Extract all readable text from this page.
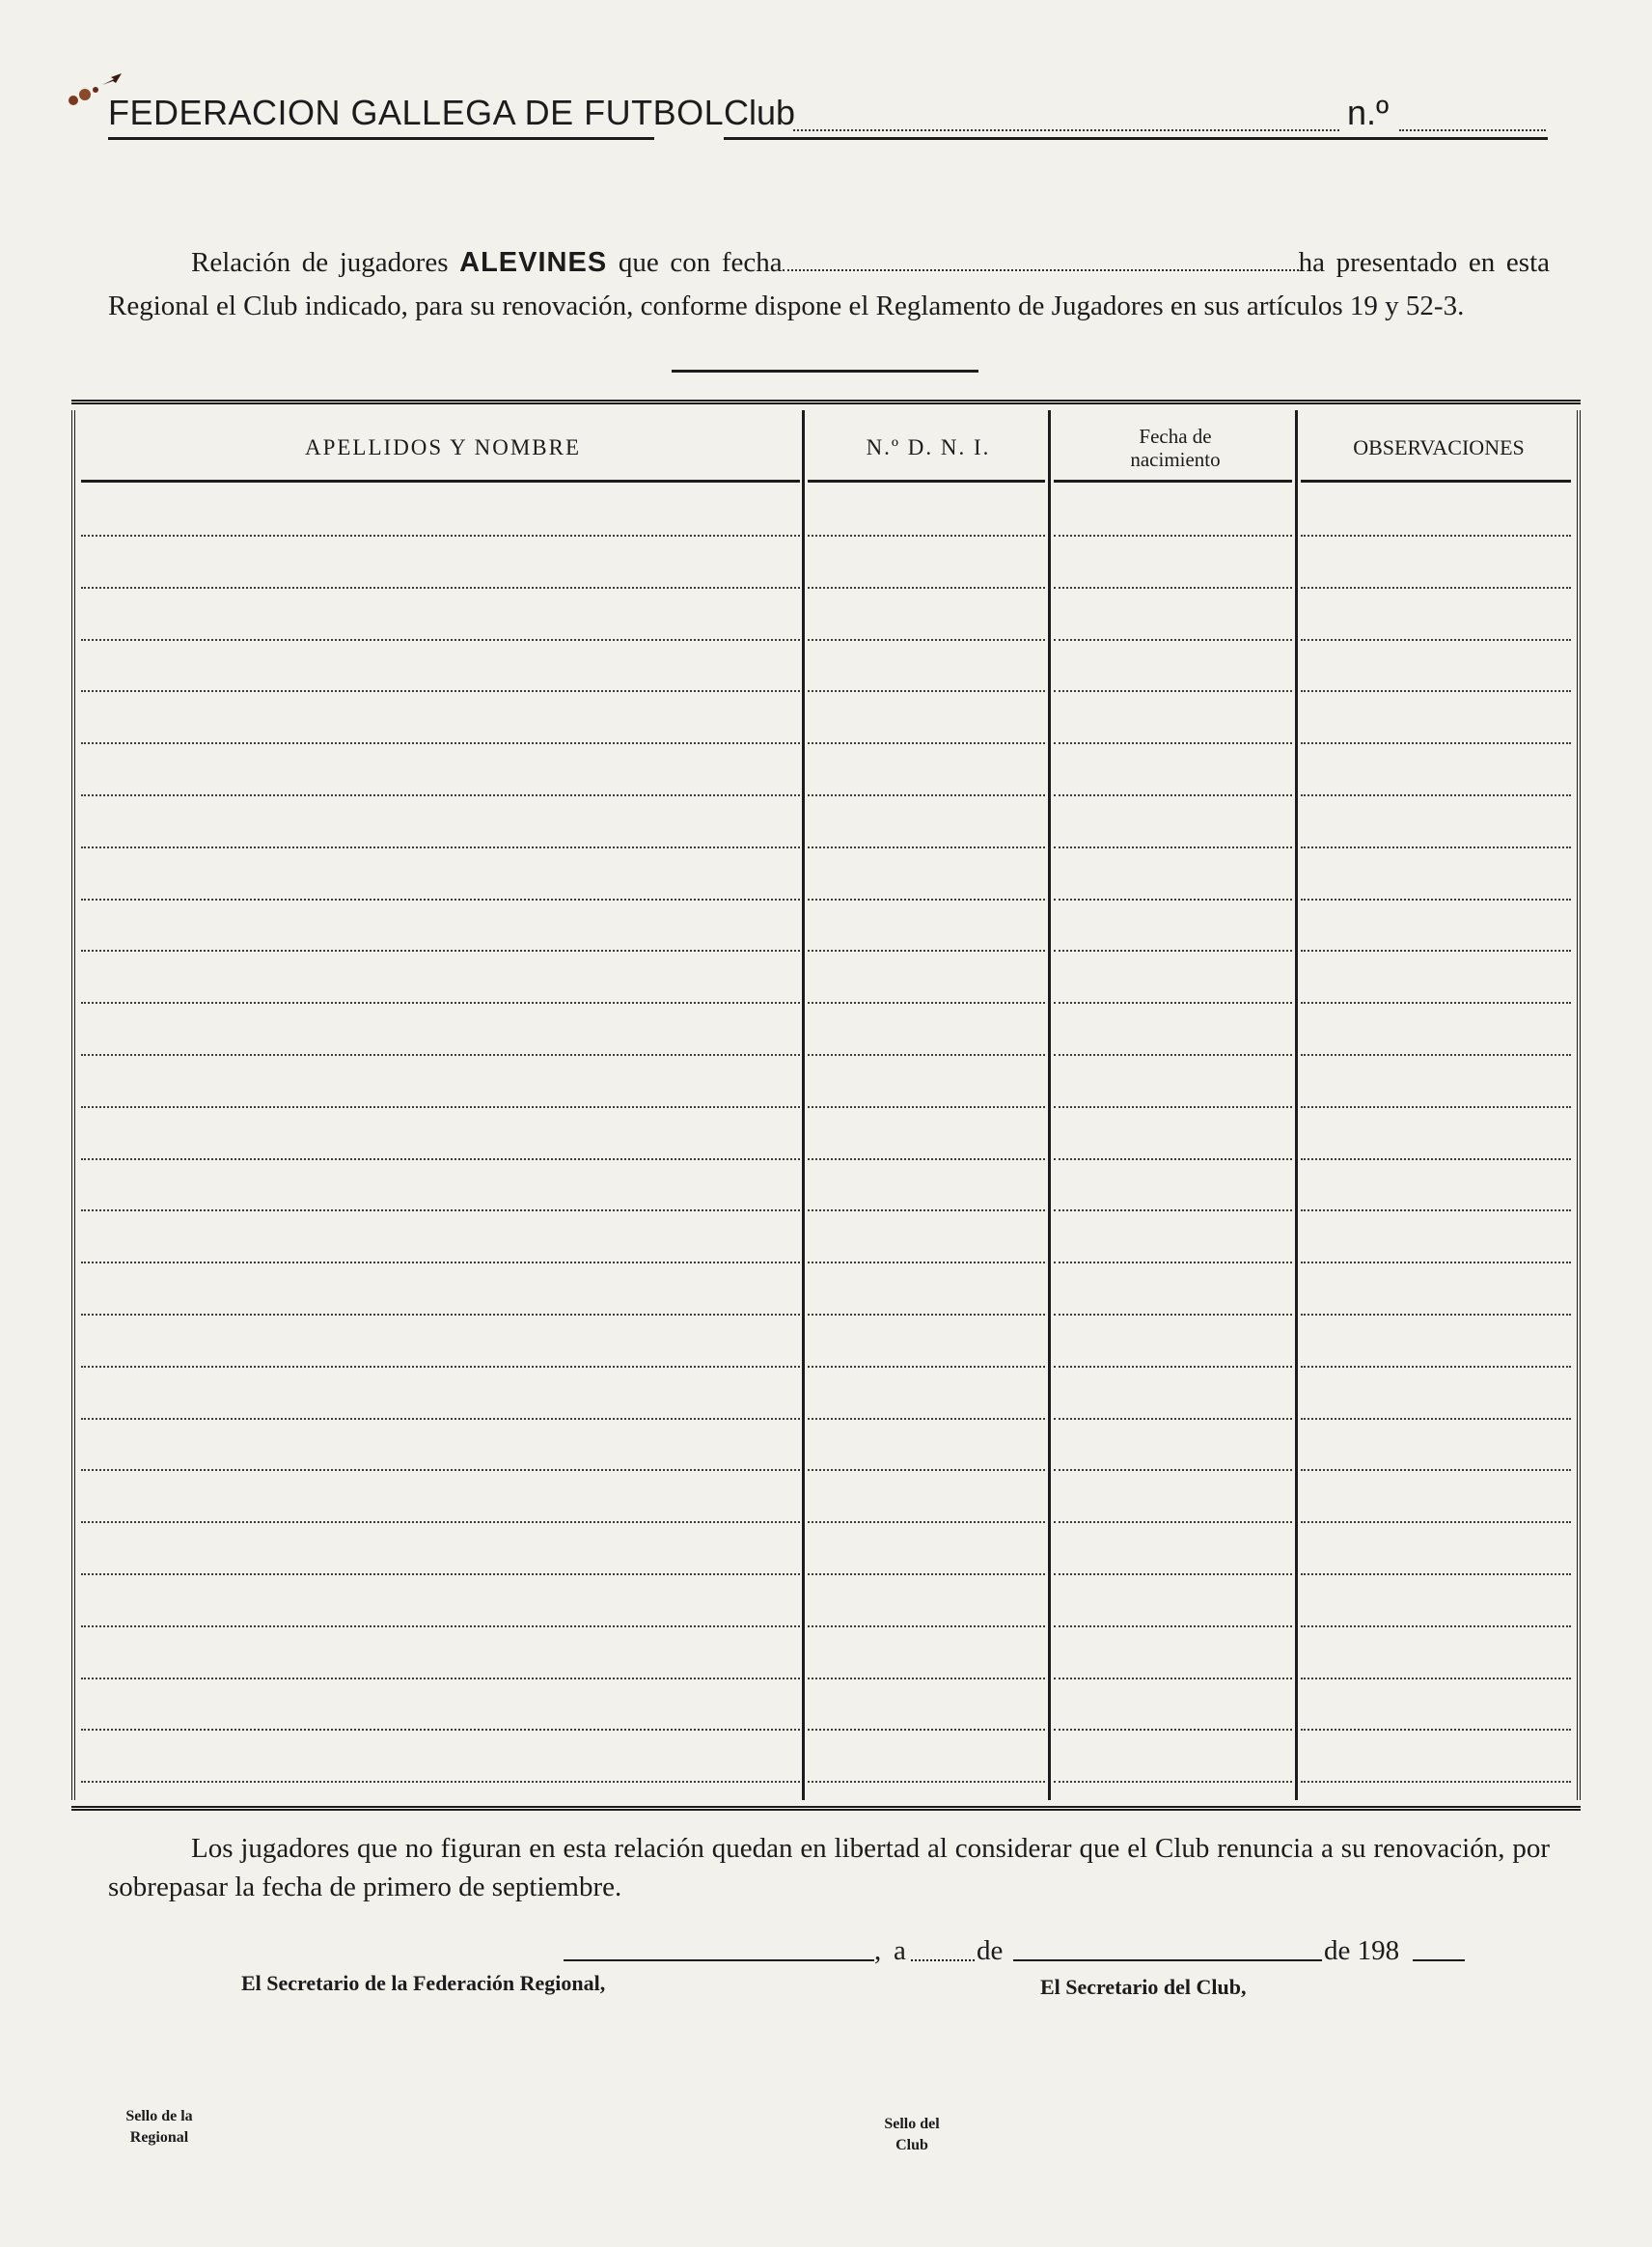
FEDERACION GALLEGA DE FUTBOL Club	n.º
Relación de jugadores ALEVINES que con fecha	ha presentado en esta Regional el Club indicado, para su renovación, conforme dispone el Reglamento de Jugadores en sus artículos 19 y 52-3.
APELLIDOS Y NOMBRE	N.º D. N. I.	Fecha de nacimiento	OBSERVACIONES
Los jugadores que no figuran en esta relación quedan en libertad al considerar que el Club renuncia a su renovación, por sobrepasar la fecha de primero de septiembre.
, a	de	de 198
El Secretario de la Federación Regional,	El Secretario del Club,
Sello de la
Regional
Sello del
Club
